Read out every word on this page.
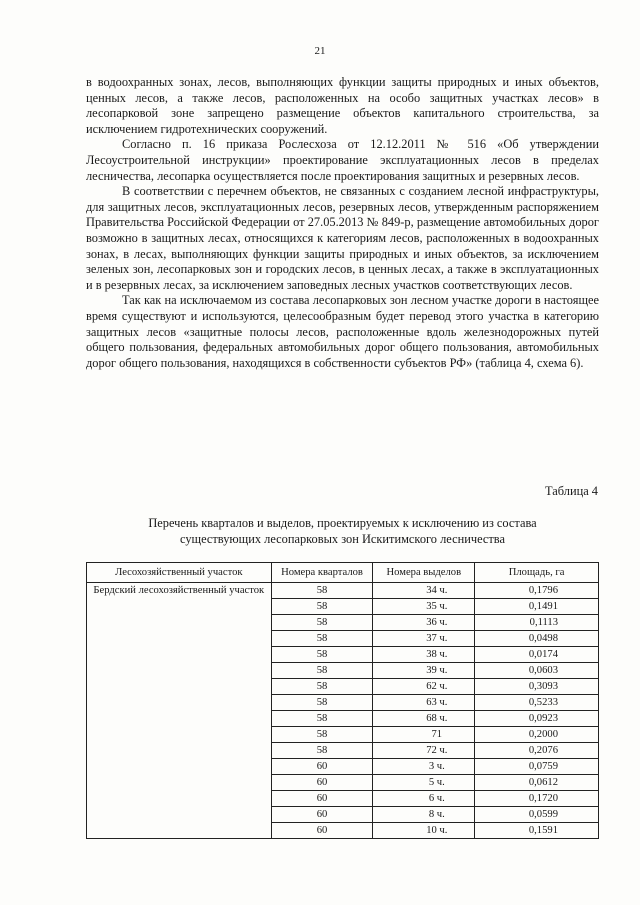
21

в водоохранных зонах, лесов, выполняющих функции защиты природных и иных объектов, ценных лесов, а также лесов, расположенных на особо защитных участках лесов» в лесопарковой зоне запрещено размещение объектов капитального строительства, за исключением гидротехнических сооружений.

Согласно п. 16 приказа Рослесхоза от 12.12.2011 № 516 «Об утверждении Лесоустроительной инструкции» проектирование эксплуатационных лесов в пределах лесничества, лесопарка осуществляется после проектирования защитных и резервных лесов.

В соответствии с перечнем объектов, не связанных с созданием лесной инфраструктуры, для защитных лесов, эксплуатационных лесов, резервных лесов, утвержденным распоряжением Правительства Российской Федерации от 27.05.2013 № 849-р, размещение автомобильных дорог возможно в защитных лесах, относящихся к категориям лесов, расположенных в водоохранных зонах, в лесах, выполняющих функции защиты природных и иных объектов, за исключением зеленых зон, лесопарковых зон и городских лесов, в ценных лесах, а также в эксплуатационных и в резервных лесах, за исключением заповедных лесных участков соответствующих лесов.

Так как на исключаемом из состава лесопарковых зон лесном участке дороги в настоящее время существуют и используются, целесообразным будет перевод этого участка в категорию защитных лесов «защитные полосы лесов, расположенные вдоль железнодорожных путей общего пользования, федеральных автомобильных дорог общего пользования, автомобильных дорог общего пользования, находящихся в собственности субъектов РФ» (таблица 4, схема 6).

Таблица 4
Перечень кварталов и выделов, проектируемых к исключению из состава
существующих лесопарковых зон Искитимского лесничества
Лесохозяйственный участок	Номера кварталов	Номера выделов	Площадь, га
Бердский лесохозяйственный участок	58	34 ч.	0,1796
	58	35 ч.	0,1491
	58	36 ч.	0,1113
	58	37 ч.	0,0498
	58	38 ч.	0,0174
	58	39 ч.	0,0603
	58	62 ч.	0,3093
	58	63 ч.	0,5233
	58	68 ч.	0,0923
	58	71	0,2000
	58	72 ч.	0,2076
	60	3 ч.	0,0759
	60	5 ч.	0,0612
	60	6 ч.	0,1720
	60	8 ч.	0,0599
	60	10 ч.	0,1591
